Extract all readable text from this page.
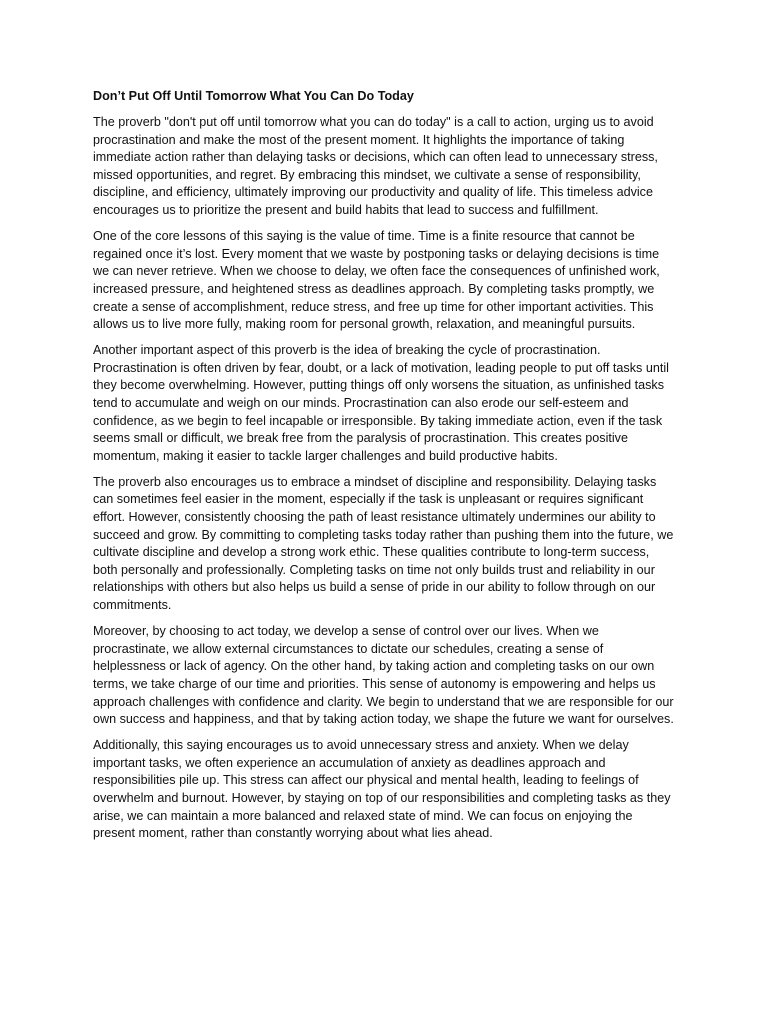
Don’t Put Off Until Tomorrow What You Can Do Today

The proverb "don't put off until tomorrow what you can do today" is a call to action, urging us to avoid procrastination and make the most of the present moment. It highlights the importance of taking immediate action rather than delaying tasks or decisions, which can often lead to unnecessary stress, missed opportunities, and regret. By embracing this mindset, we cultivate a sense of responsibility, discipline, and efficiency, ultimately improving our productivity and quality of life. This timeless advice encourages us to prioritize the present and build habits that lead to success and fulfillment.

One of the core lessons of this saying is the value of time. Time is a finite resource that cannot be regained once it’s lost. Every moment that we waste by postponing tasks or delaying decisions is time we can never retrieve. When we choose to delay, we often face the consequences of unfinished work, increased pressure, and heightened stress as deadlines approach. By completing tasks promptly, we create a sense of accomplishment, reduce stress, and free up time for other important activities. This allows us to live more fully, making room for personal growth, relaxation, and meaningful pursuits.

Another important aspect of this proverb is the idea of breaking the cycle of procrastination. Procrastination is often driven by fear, doubt, or a lack of motivation, leading people to put off tasks until they become overwhelming. However, putting things off only worsens the situation, as unfinished tasks tend to accumulate and weigh on our minds. Procrastination can also erode our self-esteem and confidence, as we begin to feel incapable or irresponsible. By taking immediate action, even if the task seems small or difficult, we break free from the paralysis of procrastination. This creates positive momentum, making it easier to tackle larger challenges and build productive habits.

The proverb also encourages us to embrace a mindset of discipline and responsibility. Delaying tasks can sometimes feel easier in the moment, especially if the task is unpleasant or requires significant effort. However, consistently choosing the path of least resistance ultimately undermines our ability to succeed and grow. By committing to completing tasks today rather than pushing them into the future, we cultivate discipline and develop a strong work ethic. These qualities contribute to long-term success, both personally and professionally. Completing tasks on time not only builds trust and reliability in our relationships with others but also helps us build a sense of pride in our ability to follow through on our commitments.

Moreover, by choosing to act today, we develop a sense of control over our lives. When we procrastinate, we allow external circumstances to dictate our schedules, creating a sense of helplessness or lack of agency. On the other hand, by taking action and completing tasks on our own terms, we take charge of our time and priorities. This sense of autonomy is empowering and helps us approach challenges with confidence and clarity. We begin to understand that we are responsible for our own success and happiness, and that by taking action today, we shape the future we want for ourselves.

Additionally, this saying encourages us to avoid unnecessary stress and anxiety. When we delay important tasks, we often experience an accumulation of anxiety as deadlines approach and responsibilities pile up. This stress can affect our physical and mental health, leading to feelings of overwhelm and burnout. However, by staying on top of our responsibilities and completing tasks as they arise, we can maintain a more balanced and relaxed state of mind. We can focus on enjoying the present moment, rather than constantly worrying about what lies ahead.
